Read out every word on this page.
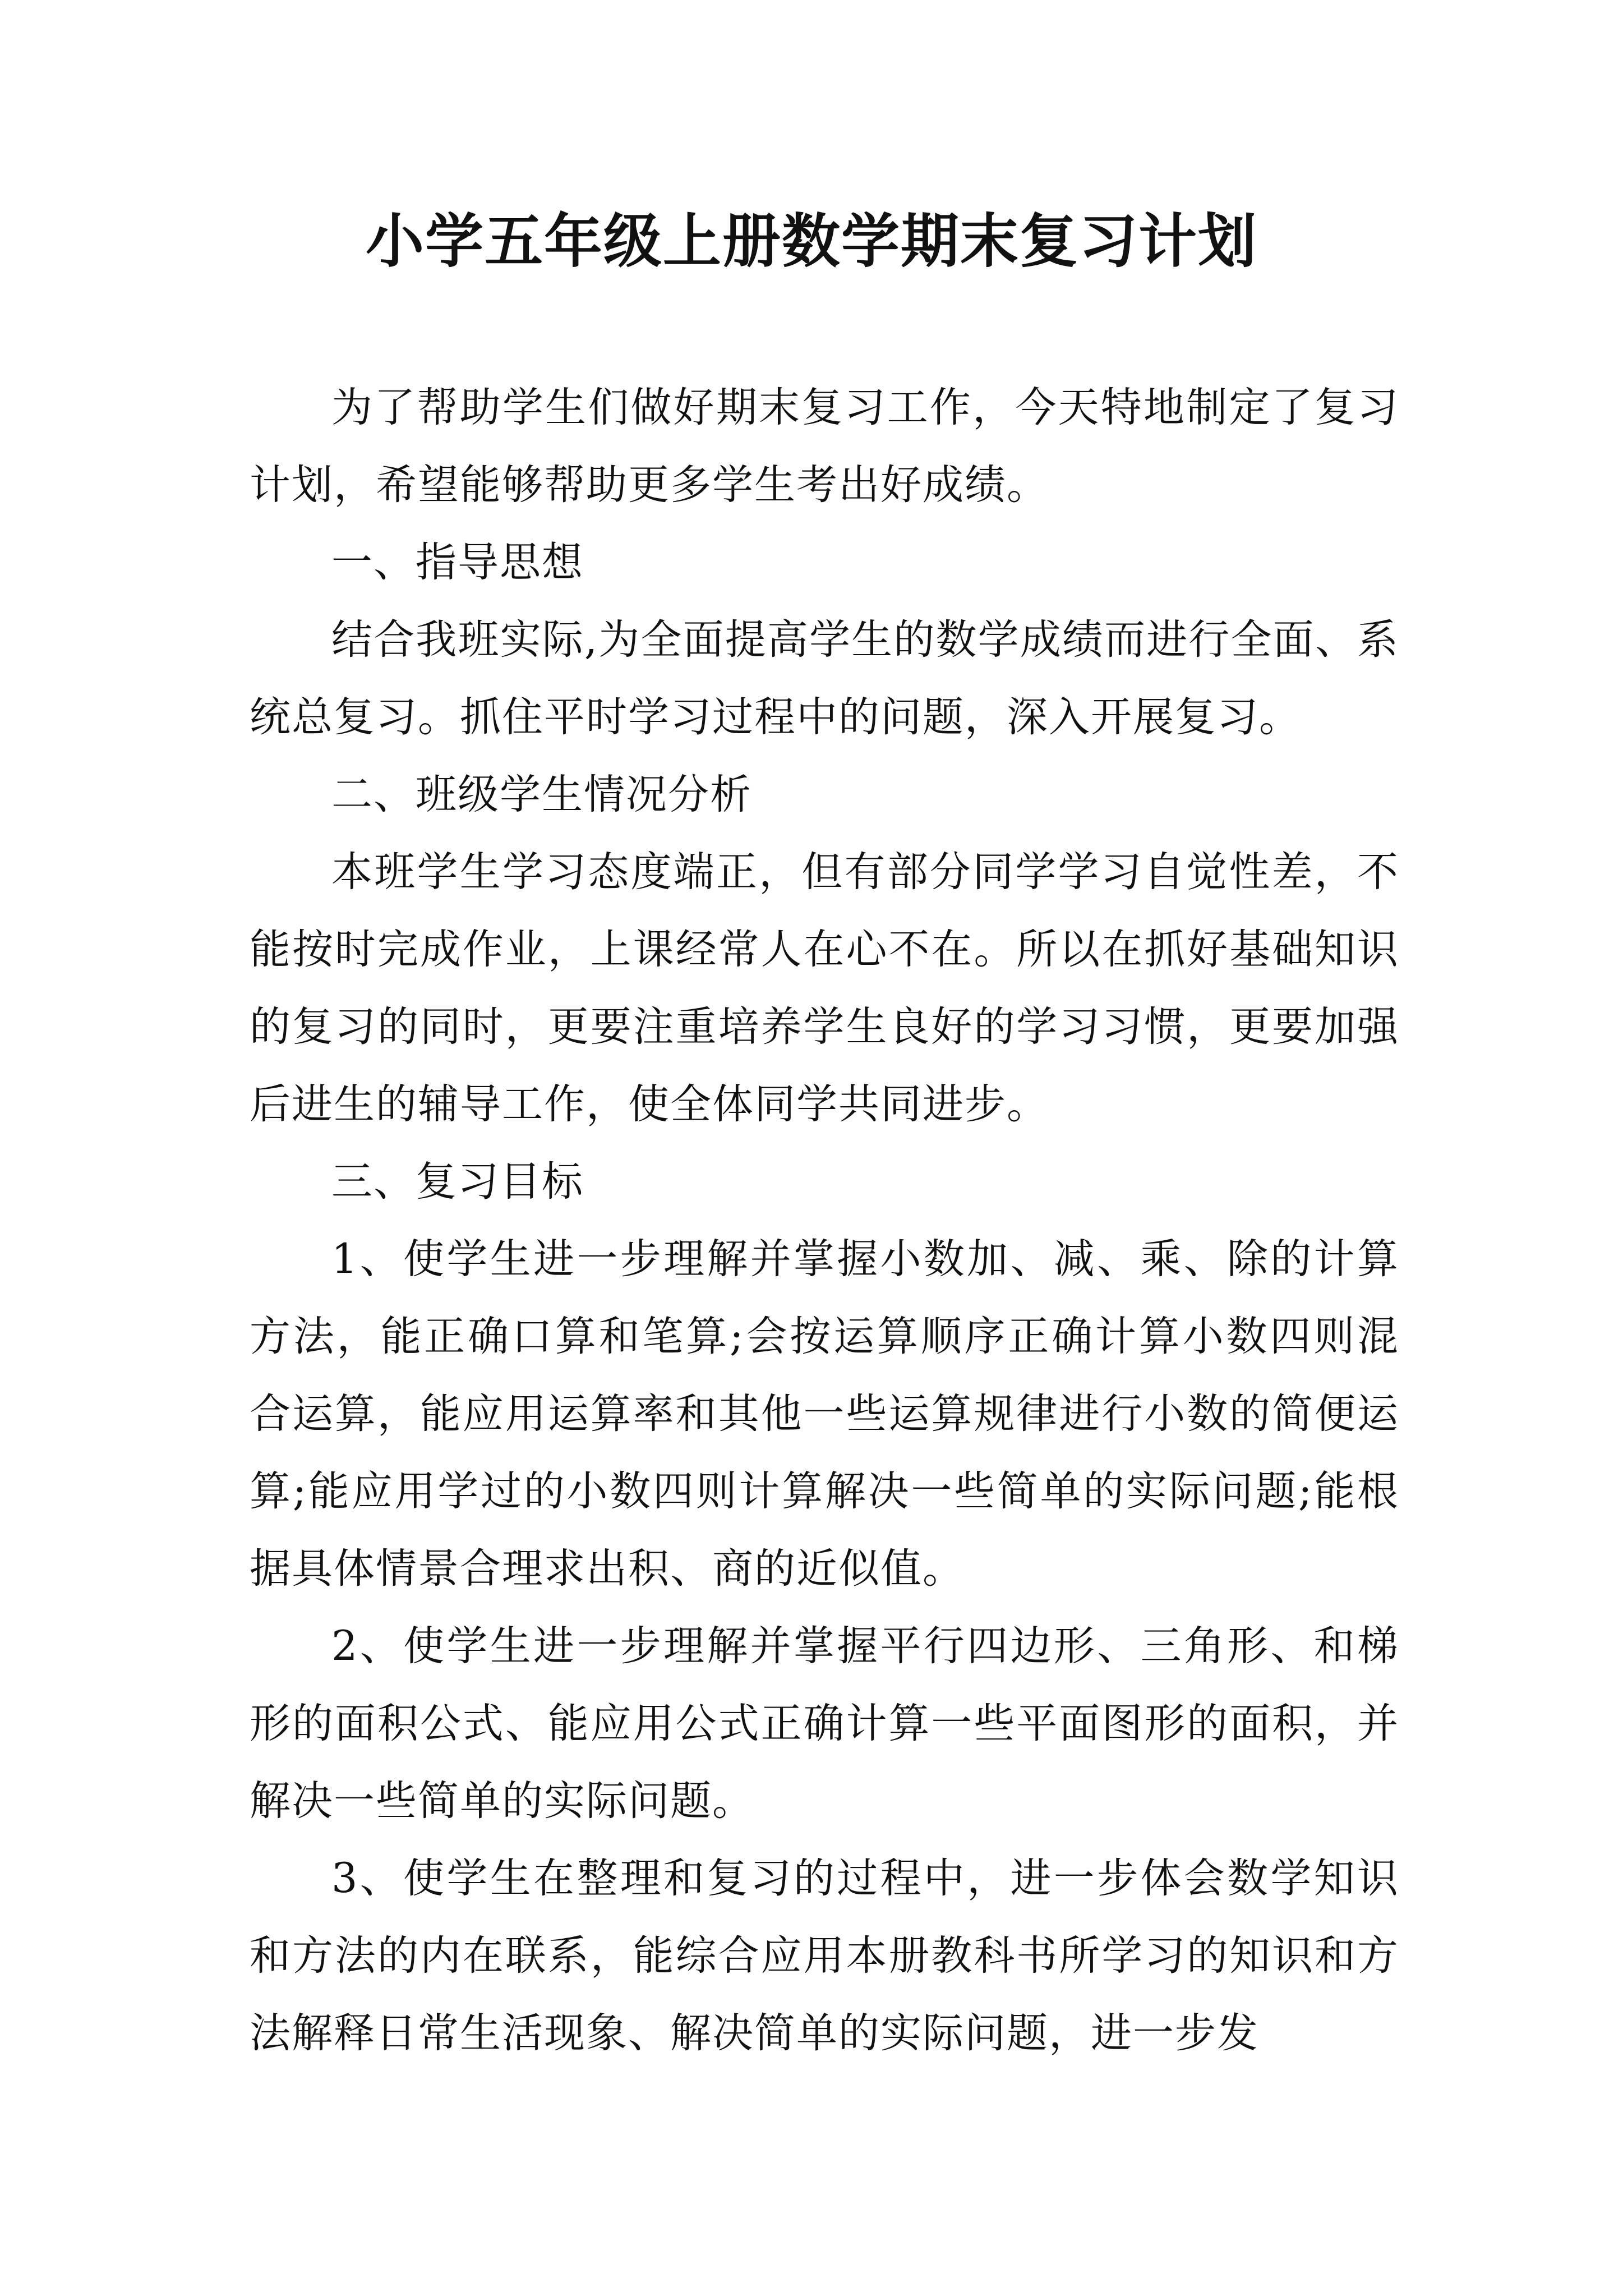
小学五年级上册数学期末复习计划

为了帮助学生们做好期末复习工作，今天特地制定了复习计划，希望能够帮助更多学生考出好成绩。

一、指导思想

结合我班实际,为全面提高学生的数学成绩而进行全面、系统总复习。抓住平时学习过程中的问题，深入开展复习。

二、班级学生情况分析

本班学生学习态度端正，但有部分同学学习自觉性差，不能按时完成作业，上课经常人在心不在。所以在抓好基础知识的复习的同时，更要注重培养学生良好的学习习惯，更要加强后进生的辅导工作，使全体同学共同进步。

三、复习目标

1、使学生进一步理解并掌握小数加、减、乘、除的计算方法，能正确口算和笔算;会按运算顺序正确计算小数四则混合运算，能应用运算率和其他一些运算规律进行小数的简便运算;能应用学过的小数四则计算解决一些简单的实际问题;能根据具体情景合理求出积、商的近似值。

2、使学生进一步理解并掌握平行四边形、三角形、和梯形的面积公式、能应用公式正确计算一些平面图形的面积，并解决一些简单的实际问题。

3、使学生在整理和复习的过程中，进一步体会数学知识和方法的内在联系，能综合应用本册教科书所学习的知识和方法解释日常生活现象、解决简单的实际问题，进一步发
